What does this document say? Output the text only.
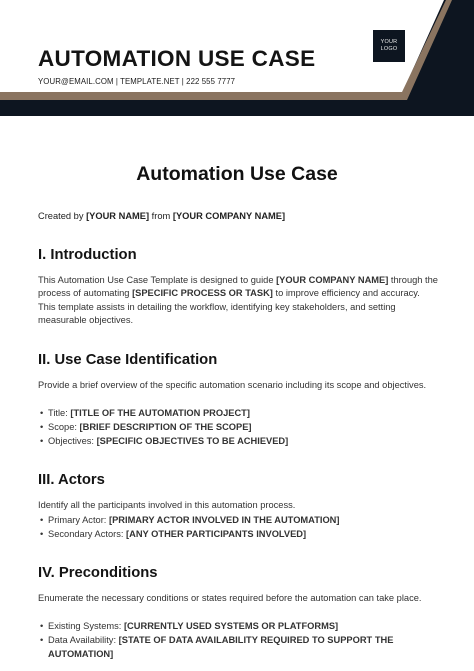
AUTOMATION USE CASE
YOUR@EMAIL.COM | TEMPLATE.NET | 222 555 7777
YOUR
LOGO
Automation Use Case
Created by [YOUR NAME] from [YOUR COMPANY NAME]
I. Introduction
This Automation Use Case Template is designed to guide [YOUR COMPANY NAME] through the process of automating [SPECIFIC PROCESS OR TASK] to improve efficiency and accuracy. This template assists in detailing the workflow, identifying key stakeholders, and setting measurable objectives.
II. Use Case Identification
Provide a brief overview of the specific automation scenario including its scope and objectives.
• Title: [TITLE OF THE AUTOMATION PROJECT]
• Scope: [BRIEF DESCRIPTION OF THE SCOPE]
• Objectives: [SPECIFIC OBJECTIVES TO BE ACHIEVED]
III. Actors
Identify all the participants involved in this automation process.
• Primary Actor: [PRIMARY ACTOR INVOLVED IN THE AUTOMATION]
• Secondary Actors: [ANY OTHER PARTICIPANTS INVOLVED]
IV. Preconditions
Enumerate the necessary conditions or states required before the automation can take place.
• Existing Systems: [CURRENTLY USED SYSTEMS OR PLATFORMS]
• Data Availability: [STATE OF DATA AVAILABILITY REQUIRED TO SUPPORT THE AUTOMATION]
